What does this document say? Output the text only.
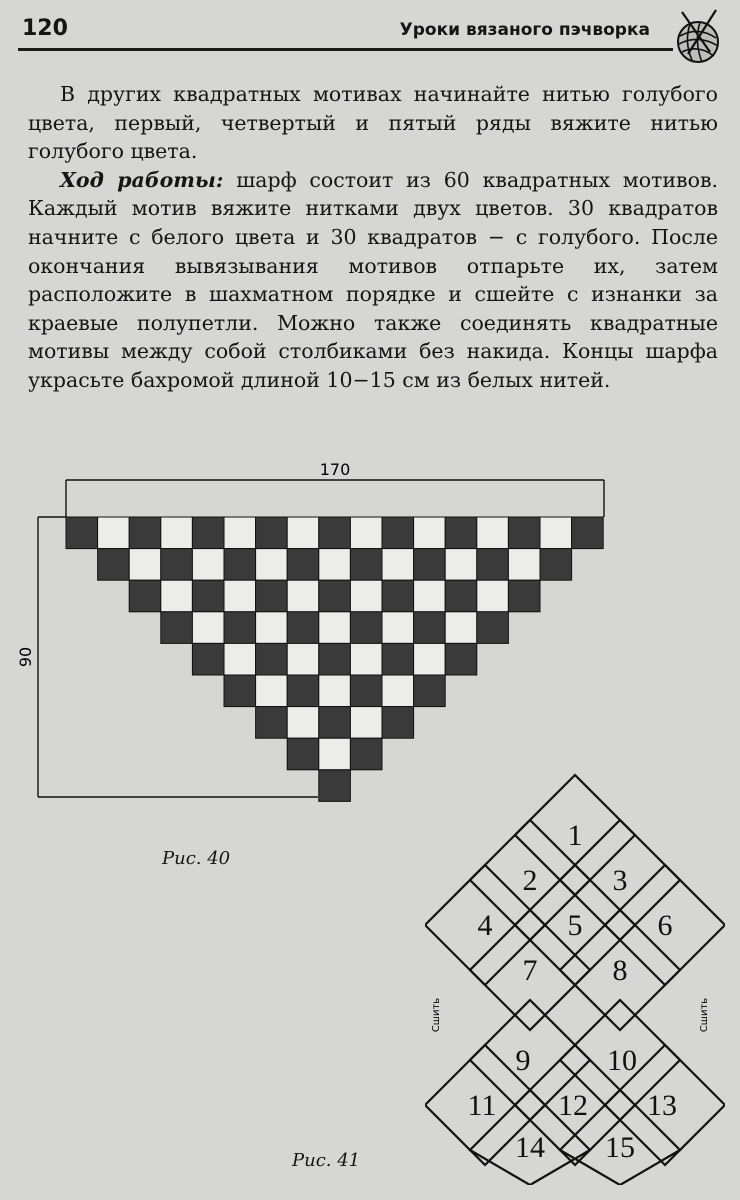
120	Уроки вязаного пэчворка

В других квадратных мотивах начинайте нитью голубого цвета, первый, четвертый и пятый ряды вяжите нитью голубого цвета.

Ход работы: шарф состоит из 60 квадратных мотивов. Каждый мотив вяжите нитками двух цветов. 30 квадратов начните с белого цвета и 30 квадратов − с голубого. После окончания вывязывания мотивов отпарьте их, затем расположите в шахматном порядке и сшейте с изнанки за краевые полупетли. Можно также соединять квадратные мотивы между собой столбиками без накида. Концы шарфа украсьте бахромой длиной 10−15 см из белых нитей.

170
90
Рис. 40
1
2	3
4	5	6
7	8
9	10
11 12 13
14 15
Сшить	Сшить
Рис. 41
